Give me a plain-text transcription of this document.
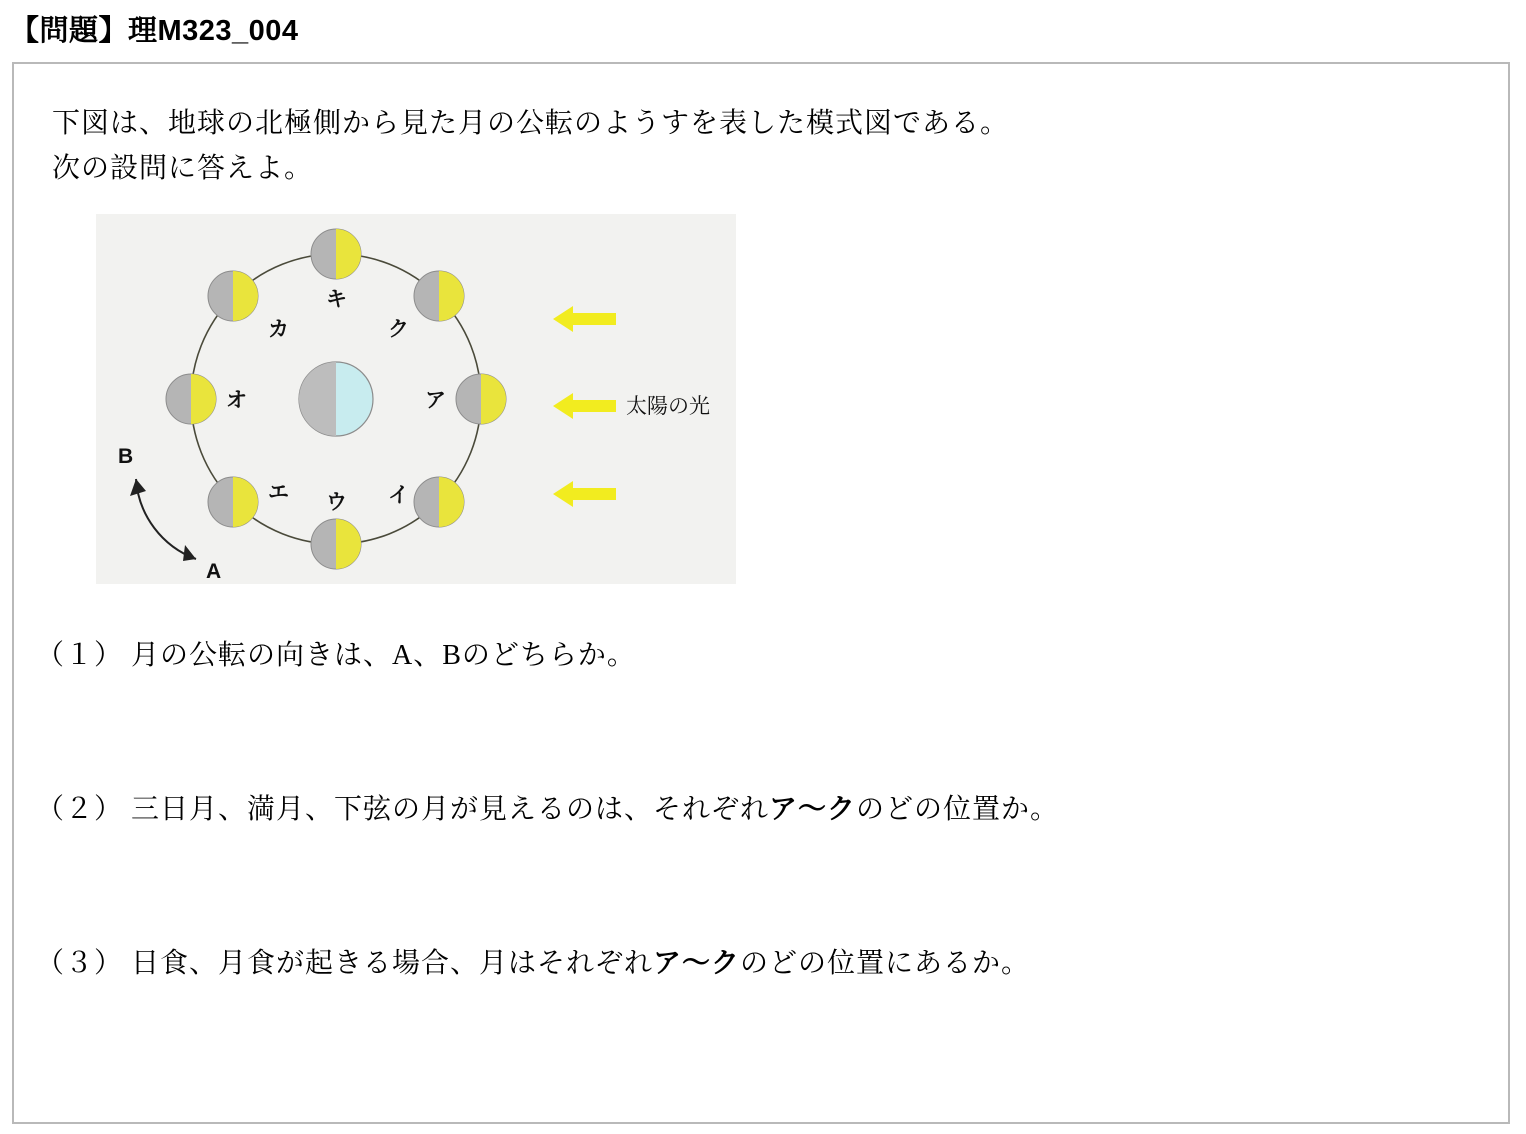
【問題】理M323_004
下図は、地球の北極側から見た月の公転のようすを表した模式図である。
次の設問に答えよ。
ア
イ
ウ
エ
オ
カ
キ
ク
太陽の光
B
A
（１） 月の公転の向きは、A、Bのどちらか。
（２） 三日月、満月、下弦の月が見えるのは、それぞれア～クのどの位置か。
（３） 日食、月食が起きる場合、月はそれぞれア～クのどの位置にあるか。
